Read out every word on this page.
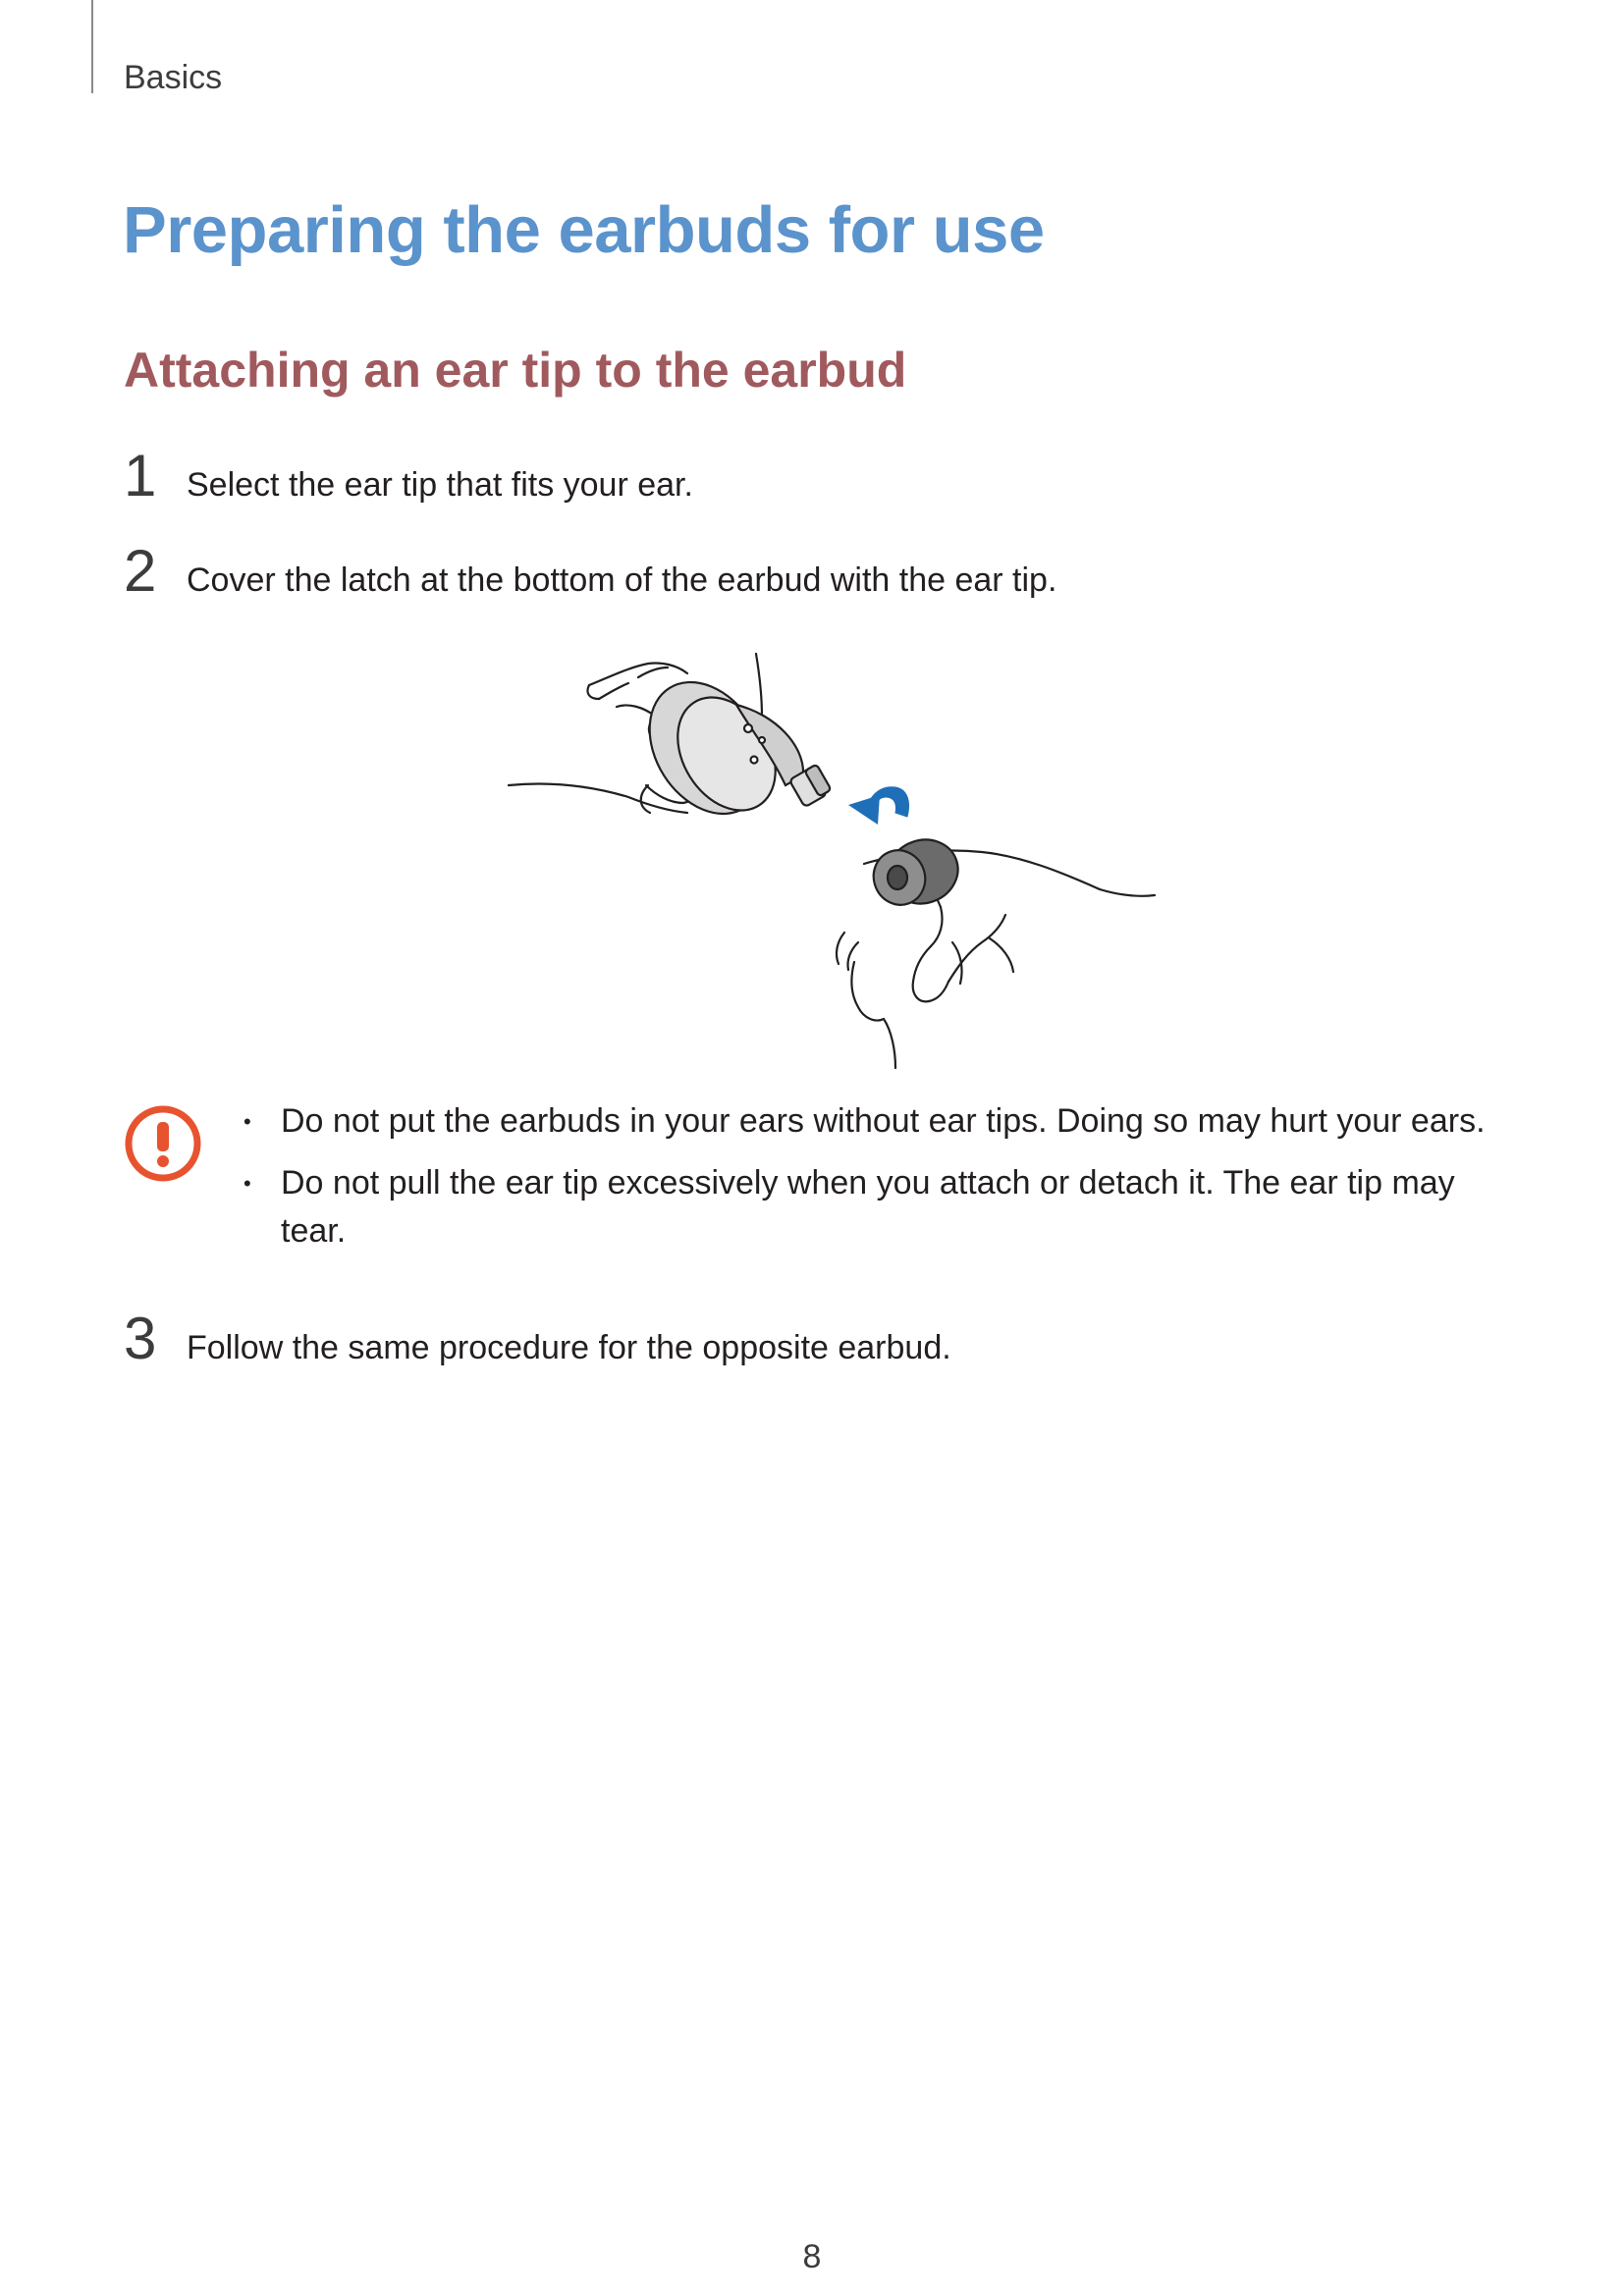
Basics
Preparing the earbuds for use
Attaching an ear tip to the earbud
1 Select the ear tip that fits your ear.
2 Cover the latch at the bottom of the earbud with the ear tip.
• Do not put the earbuds in your ears without ear tips. Doing so may hurt your ears.
• Do not pull the ear tip excessively when you attach or detach it. The ear tip may tear.
3 Follow the same procedure for the opposite earbud.
8
